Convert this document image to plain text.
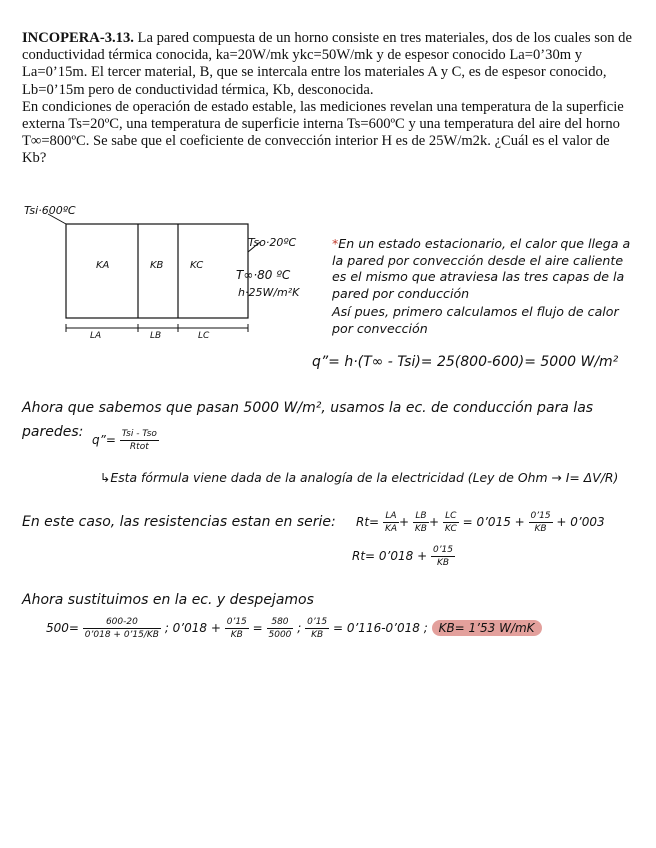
INCOPERA-3.13. La pared compuesta de un horno consiste en tres materiales, dos de los cuales son de conductividad térmica conocida, ka=20W/mk ykc=50W/mk y de espesor conocido La=0’30m y La=0’15m. El tercer material, B, que se intercala entre los materiales A y C, es de espesor conocido, Lb=0’15m pero de conductividad térmica, Kb, desconocida.
En condiciones de operación de estado estable, las mediciones revelan una temperatura de la superficie externa Ts=20ºC, una temperatura de superficie interna Ts=600ºC y una temperatura del aire del horno T∞=800ºC. Se sabe que el coeficiente de convección interior H es de 25W/m2k. ¿Cuál es el valor de Kb?
Tsi·600ºC
Tso·20ºC
T∞·80 ºC
h·25W/m²K
KA	KB	KC
LA	LB	LC
*En un estado estacionario, el calor que llega a la pared por convección desde el aire caliente es el mismo que atraviesa las tres capas de la pared por conducción
Así pues, primero calculamos el flujo de calor por convección
q”= h·(T∞ - Tsi)= 25(800-600)= 5000 W/m²
Ahora que sabemos que pasan 5000 W/m², usamos la ec. de conducción para las
paredes: q”= $\frac{\text{Tsi - Tso}}{\text{Rtot}}$
↳Esta fórmula viene dada de la analogía de la electricidad (Ley de Ohm → I= ΔV/R)
En este caso, las resistencias estan en serie: $Rt= \frac{LA}{KA} + \frac{LB}{KB} + \frac{LC}{KC}$ = 0’015 + $\frac{0’15}{KB}$ + 0’003
Rt= 0’018 + $\frac{0’15}{KB}$
Ahora sustituimos en la ec. y despejamos
$500= \frac{600-20}{0’018 + 0’15/KB}$ ; 0’018 + $\frac{0’15}{KB} = \frac{580}{5000}$ ; $\frac{0’15}{KB}$ = 0’116-0’018 ; KB= 1’53 W/mK
